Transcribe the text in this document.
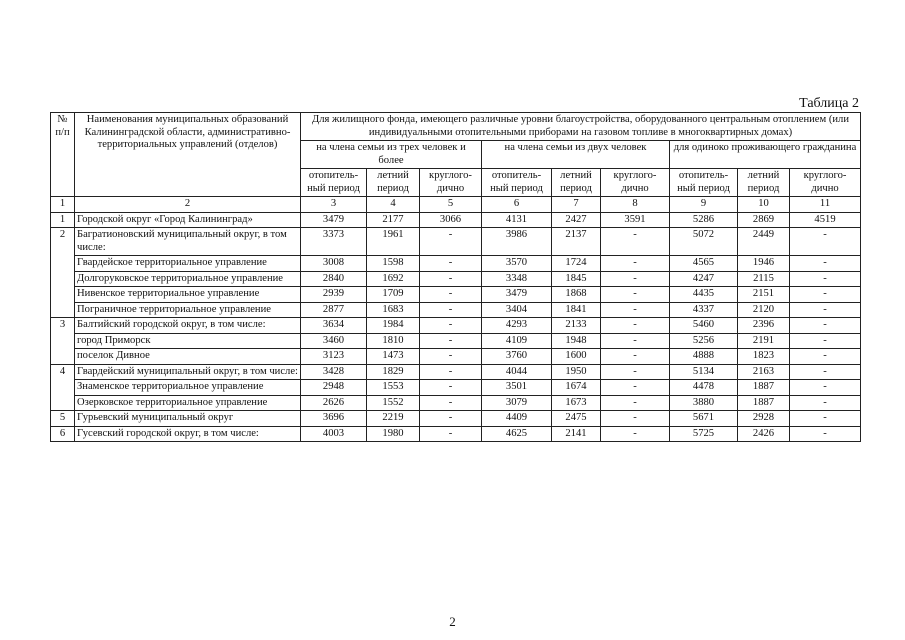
Таблица 2
№ п/п	Наименования муниципальных образований Калининградской области, административно-территориальных управлений (отделов)	Для жилищного фонда, имеющего различные уровни благоустройства, оборудованного центральным отоплением (или индивидуальными отопительными приборами на газовом топливе в многоквартирных домах)								
		на члена семьи из трех человек и более			на члена семьи из двух человек			для одиноко проживающего гражданина		
		отопитель-ный период	летний период	круглого-дично	отопитель-ный период	летний период	круглого-дично	отопитель-ный период	летний период	круглого-дично
1	2	3	4	5	6	7	8	9	10	11
1	Городской округ «Город Калининград»	3479	2177	3066	4131	2427	3591	5286	2869	4519
2	Багратионовский муниципальный округ, в том числе:	3373	1961	-	3986	2137	-	5072	2449	-
	Гвардейское территориальное управление	3008	1598	-	3570	1724	-	4565	1946	-
	Долгоруковское территориальное управление	2840	1692	-	3348	1845	-	4247	2115	-
	Нивенское территориальное управление	2939	1709	-	3479	1868	-	4435	2151	-
	Пограничное территориальное управление	2877	1683	-	3404	1841	-	4337	2120	-
3	Балтийский городской округ, в том числе:	3634	1984	-	4293	2133	-	5460	2396	-
	город Приморск	3460	1810	-	4109	1948	-	5256	2191	-
	поселок Дивное	3123	1473	-	3760	1600	-	4888	1823	-
4	Гвардейский муниципальный округ, в том числе:	3428	1829	-	4044	1950	-	5134	2163	-
	Знаменское территориальное управление	2948	1553	-	3501	1674	-	4478	1887	-
	Озерковское территориальное управление	2626	1552	-	3079	1673	-	3880	1887	-
5	Гурьевский муниципальный округ	3696	2219	-	4409	2475	-	5671	2928	-
6	Гусевский городской округ, в том числе:	4003	1980	-	4625	2141	-	5725	2426	-
2
